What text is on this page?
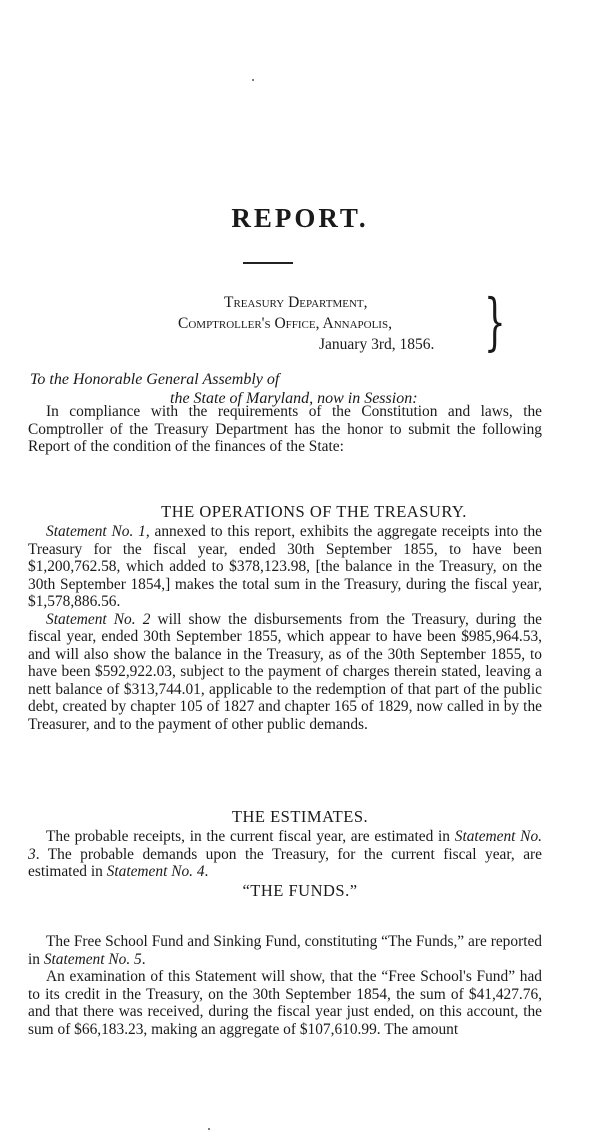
REPORT.
Treasury Department,
Comptroller's Office, Annapolis,
January 3rd, 1856. }
To the Honorable General Assembly of
the State of Maryland, now in Session:

In compliance with the requirements of the Constitution and laws, the Comptroller of the Treasury Department has the honor to submit the following Report of the condition of the finances of the State:

THE OPERATIONS OF THE TREASURY.

Statement No. 1, annexed to this report, exhibits the aggregate receipts into the Treasury for the fiscal year, ended 30th September 1855, to have been $1,200,762.58, which added to $378,123.98, [the balance in the Treasury, on the 30th September 1854,] makes the total sum in the Treasury, during the fiscal year, $1,578,886.56.

Statement No. 2 will show the disbursements from the Treasury, during the fiscal year, ended 30th September 1855, which appear to have been $985,964.53, and will also show the balance in the Treasury, as of the 30th September 1855, to have been $592,922.03, subject to the payment of charges therein stated, leaving a nett balance of $313,744.01, applicable to the redemption of that part of the public debt, created by chapter 105 of 1827 and chapter 165 of 1829, now called in by the Treasurer, and to the payment of other public demands.

THE ESTIMATES.

The probable receipts, in the current fiscal year, are estimated in Statement No. 3. The probable demands upon the Treasury, for the current fiscal year, are estimated in Statement No. 4.

“THE FUNDS.”

The Free School Fund and Sinking Fund, constituting “The Funds,” are reported in Statement No. 5.

An examination of this Statement will show, that the “Free School's Fund” had to its credit in the Treasury, on the 30th September 1854, the sum of $41,427.76, and that there was received, during the fiscal year just ended, on this account, the sum of $66,183.23, making an aggregate of $107,610.99. The amount
